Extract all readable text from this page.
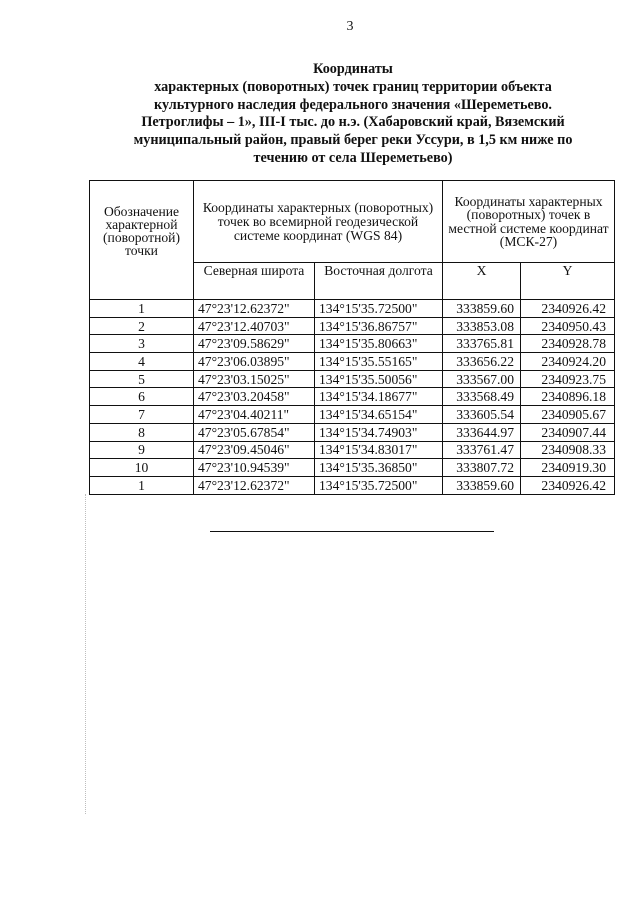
3
Координаты
характерных (поворотных) точек границ территории объекта
культурного наследия федерального значения «Шереметьево.
Петроглифы – 1», III-I тыс. до н.э. (Хабаровский край, Вяземский
муниципальный район, правый берег реки Уссури, в 1,5 км ниже по
течению от села Шереметьево)
Обозначение характерной (поворотной) точки	Координаты характерных (поворотных) точек во всемирной геодезической системе координат (WGS 84)		Координаты характерных (поворотных) точек в местной системе координат (МСК-27)	
	Северная широта	Восточная долгота	X	Y
1	47°23'12.62372"	134°15'35.72500"	333859.60	2340926.42
2	47°23'12.40703"	134°15'36.86757"	333853.08	2340950.43
3	47°23'09.58629"	134°15'35.80663"	333765.81	2340928.78
4	47°23'06.03895"	134°15'35.55165"	333656.22	2340924.20
5	47°23'03.15025"	134°15'35.50056"	333567.00	2340923.75
6	47°23'03.20458"	134°15'34.18677"	333568.49	2340896.18
7	47°23'04.40211"	134°15'34.65154"	333605.54	2340905.67
8	47°23'05.67854"	134°15'34.74903"	333644.97	2340907.44
9	47°23'09.45046"	134°15'34.83017"	333761.47	2340908.33
10	47°23'10.94539"	134°15'35.36850"	333807.72	2340919.30
1	47°23'12.62372"	134°15'35.72500"	333859.60	2340926.42
